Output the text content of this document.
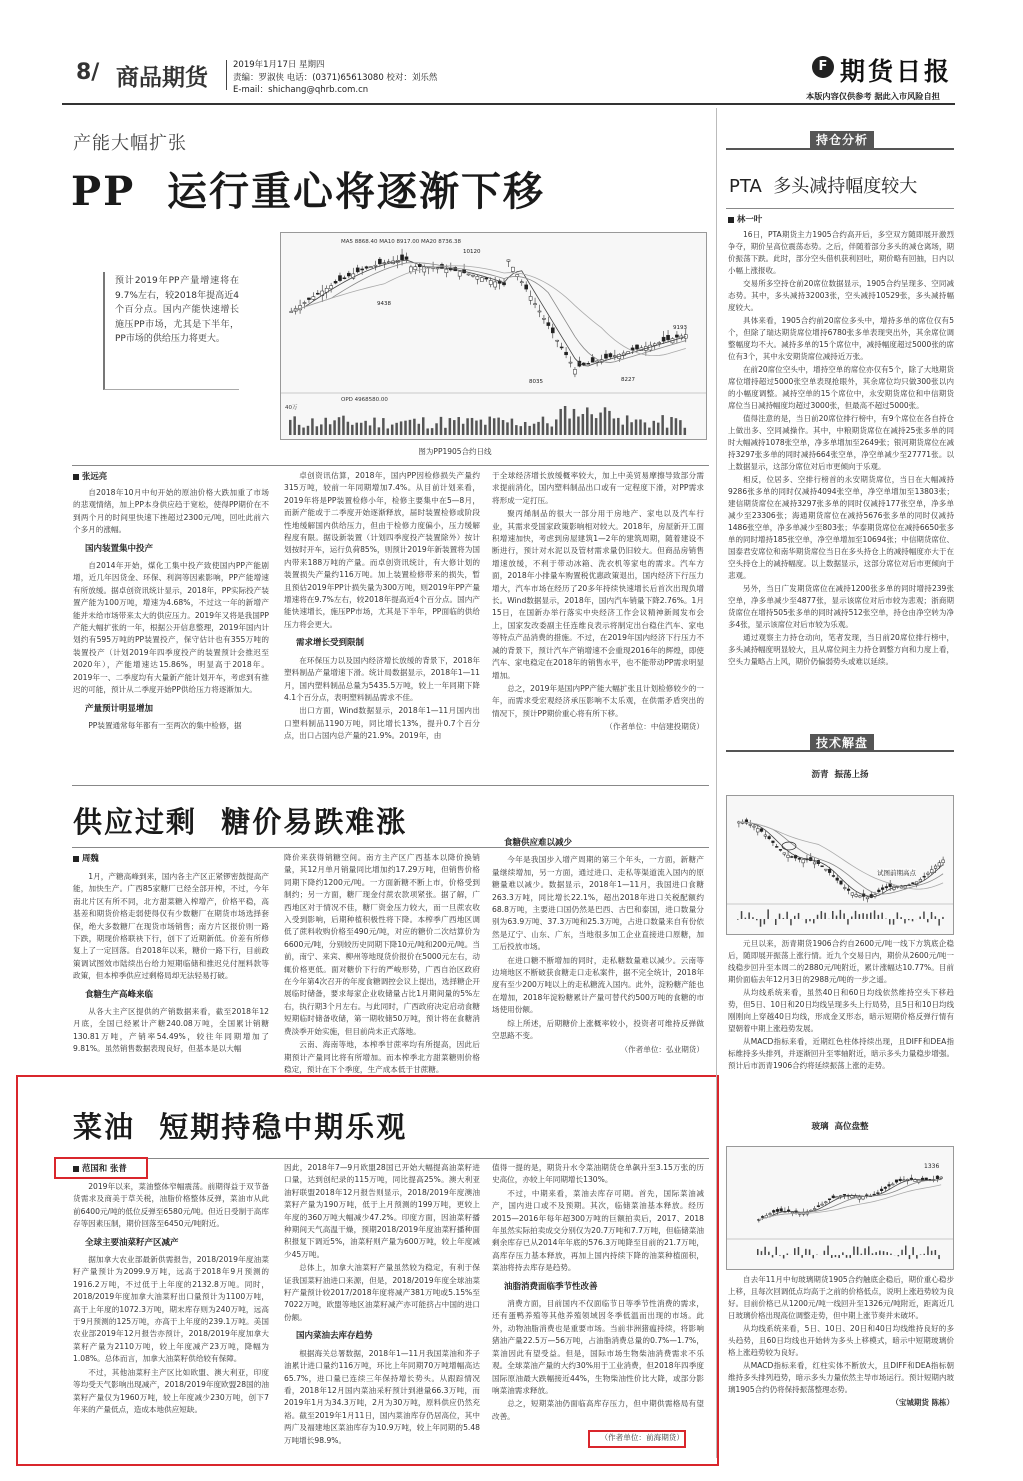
8/ 商品期货	2019年1月17日 星期四
责编：罗淑侠 电话：(0371)65613080 校对：刘乐然
E-mail：shichang@qhrb.com.cn
F 期货日报
本版内容仅供参考 据此入市风险自担
产能大幅扩张
PP  运行重心将逐渐下移
预计2019年PP产量增速将在9.7%左右，较2018年提高近4个百分点。国内产能快速增长施压PP市场，尤其是下半年，PP市场的供给压力将更大。
MA5 8868.40 MA10 8917.00 MA20 8736.38
OPD 4968580.00
40万
10120
9438
8035	8227
9193
图为PP1905合约日线
张远亮

自2018年10月中旬开始的原油价格大跌加重了市场的悲观情绪，加上PP本身供应趋于宽松，使得PP期价在不到两个月的时间里快速下挫超过2300元/吨，回吐此前六个多月的涨幅。

国内装置集中投产

自2014年开始，煤化工集中投产致使国内PP产能剧增，近几年因货金、环保、利润等因素影响，PP产能增速有所放缓。据卓创资讯统计显示，2018年，PP实际投产装置产能为100万吨，增速为4.68%，不过这一年的新增产能并未给市场带来太大的供应压力。2019年又将是我国PP产能大幅扩张的一年，根据公开信息整理，2019年国内计划约有595万吨的PP装置投产，保守估计也有355万吨的装置投产（计划2019年四季度投产的装置预计会推迟至2020年），产能增速达15.86%，明显高于2018年。2019年一、二季度均有大量新产能计划开车，考虑到有推迟的可能，预计从二季度开始PP供给压力将逐渐加大。

产量预计明显增加

PP装置通常每年都有一至两次的集中检修，据

卓创资讯估算，2018年，国内PP因检修损失产量约315万吨，较前一年同期增加7.4%。从目前计划来看，2019年将是PP装置检修小年，检修主要集中在5—8月，而新产能或于二季度开始逐渐释放，届时装置检修或阶段性地缓解国内供给压力，但由于检修力度偏小，压力缓解程度有限。据设新装置（计划四季度投产装置除外）按计划按时开车，运行负荷85%，则预计2019年新装置将为国内带来188万吨的产量。而卓创资讯统计，有大修计划的装置损失产量约116万吨。加上装置检修带来的损失，暂且预估2019年PP计损失量为300万吨，则2019年PP产量增速将在9.7%左右，较2018年提高近4个百分点。国内产能快速增长，施压PP市场，尤其是下半年，PP面临的供给压力将会更大。

需求增长受到限制

在环保压力以及国内经济增长放缓的背景下，2018年塑料制品产量增速下滑。统计局数据显示，2018年1—11月，国内塑料制品总量为5435.5万吨，较上一年同期下降4.1个百分点，表明塑料制品需求不佳。

出口方面，Wind数据显示，2018年1—11月国内出口塑料制品1190万吨，同比增长13%，提升0.7个百分点，出口占国内总产量的21.9%。2019年，由

于全球经济增长放缓概率较大，加上中美贸易摩擦导致部分需求提前消化，国内塑料制品出口或有一定程度下滑，对PP需求将形成一定打压。

聚丙烯制品的很大一部分用于房地产、家电以及汽车行业，其需求受国家政策影响相对较大。2018年，房屋新开工面积增速加快，考虑到房屋建筑1—2年的建筑周期，随着建设不断进行，预计对水泥以及管材需求量仍旧较大。但商品房销售增速放缓，不利于带动冰箱、洗衣机等家电的需求。汽车方面，2018年小排量车购置税优惠政策退出，国内经济下行压力增大，汽车市场在经历了20多年持续快速增长后首次出现负增长。Wind数据显示，2018年，国内汽车销量下降2.76%。1月15日，在国新办举行落实中央经济工作会议精神新闻发布会上，国家发改委副主任连维良表示将制定出台稳住汽车、家电等特点产品消费的措施。不过，在2019年国内经济下行压力不减的背景下，预计汽车产销增速不会重现2016年的辉煌，即使汽车、家电稳定在2018年的销售水平，也不能带动PP需求明显增加。

总之，2019年是国内PP产能大幅扩张且计划检修较少的一年，而需求受宏观经济承压影响不太乐观，在供需矛盾突出的情况下，预计PP期价重心将有所下移。

（作者单位：中信建投期货）
供应过剩  糖价易跌难涨
周魏

1月，产糖高峰到来，国内各主产区正紧锣密鼓提高产能，加快生产。广西85家糖厂已经全部开榨，不过，今年南北片区有所不同，北方甜菜糖入榨增产，价格平稳，高基差和期货价格走弱使得仅有少数糖厂在期货市场选择套保，绝大多数糖厂在现货市场销售；南方片区报价则一路下跌，期现价格联袂下行，创下了近期新低。价差有所修复上了一定回落。自2018年以来，糖价一路下行，目前政策调试图效市陆续出台给力短期临储和推迟兑付厘料款等政策，但本榨季供应过剩格局却无法轻易打破。

食糖生产高峰来临

从各大主产区提供的产销数据来看，截至2018年12月底，全国已经累计产糖240.08万吨，全国累计销糖130.81万吨，产销率54.49%，较往年同期增加了9.81%。虽然销售数据表现良好，但基本是以大幅

降价来获得销糖空间。南方主产区广西基本以降价换销量，其12月单月销量同比增加约17.29万吨，但销售价格同期下降约1200元/吨。一方面新糖不断上市，价格受到制约；另一方面，糖厂现金付蔗农款项紧张。据了解，广西地区对于情况不佳，糖厂资金压力较大，而一旦蔗农收入受到影响，后期种植积极性将下降。本榨季广西地区调低了蔗料收购价格至490元/吨，对应的糖价二次结算价为6600元/吨，分别较历史同期下降10元/吨和200元/吨。当前，南宁、来宾、柳州等地现货价报价在5000元左右，动辄价格更低。面对糖价下行的严峻形势，广西自治区政府在今年第4次召开的年度食糖调控会议上提出，选择糖企开展临时储备，要求每家企业收储量占比1月期间量的5%左右，执行期3个月左右。与此同时，广西政府决定启动食糖短期临时储备收储，第一期收储50万吨，预计将在食糖消费淡季开始实施，但目前尚未正式落地。

云南、海南等地，本榨季甘蔗率均有所提高，因此后期预计产量同比将有所增加。而本榨季北方甜菜糖则价格稳定，预计在下个季度，生产成本低于甘蔗糖。

食糖供应难以减少

今年是我国步入增产周期的第三个年头，一方面，新糖产量继续增加，另一方面，通过进口、走私等渠道流入国内的原糖量难以减少。数据显示，2018年1—11月，我国进口食糖263.3万吨，同比增长22.1%，超出2018年进口关税配额约68.8万吨，主要进口国仍然是巴西、古巴和泰国，进口数量分别为63.9万吨、37.3万吨和25.3万吨，占进口数量来自有份依然是辽宁、山东、广东，当地很多加工企业直接进口原糖，加工后投放市场。

在进口糖不断增加的同时，走私糖数量难以减少。云南等边境地区不断破获食糖走口走私案件，据不完全统计，2018年度有至少200万吨以上的走私糖流入国内。此外，淀粉糖产能也在增加，2018年淀粉糖累计产量可替代约500万吨的食糖的市场使用份额。

综上所述，后期糖价上涨概率较小，投资者可维持反弹做空思路不变。

（作者单位：弘业期货）
菜油  短期持稳中期乐观
范国和 张普

2019年以来，菜油整体窄幅震荡。前期得益于双节备货需求及商美于草关税，油脂价格整体反弹，菜油市从此前6400元/吨的低位反弹至6580元/吨。但近日受制于高库存等因素压制，期价回落至6450元/吨附近。

全球主要油菜籽产区减产

据加拿大农业部最新供需报告，2018/2019年度油菜籽产量预计为2099.9万吨，远高于2018年9月预测的1916.2万吨，不过低于上年度的2132.8万吨。同时，2018/2019年度加拿大油菜籽出口量预计为1100万吨，高于上年度的1072.3万吨，期末库存则为240万吨，远高于9月预测的125万吨，亦高于上年度的239.1万吨。美国农业部2019年12月报告亦预计，2018/2019年度加拿大菜籽产量为2110万吨，较上年度减产23万吨，降幅为1.08%。总体而言，加拿大油菜籽供给较有保障。

不过，其他油菜籽主产区比如欧盟、澳大利亚，印度等均受天气影响出现减产，2018/2019年度欧盟28国的油菜籽产量仅为1960万吨，较上年度减少230万吨，创下7年来的产量低点，造成本地供应短缺。

因此，2018年7—9月欧盟28国已开始大幅提高油菜籽进口量，达到创纪录的115万吨，同比提高25%。澳大利亚油籽联盟2018年12月报告则显示，2018/2019年度澳油菜籽产量为190万吨，低于上月预测的199万吨，更较上年度的360万吨大幅减少47.2%。印度方面，因油菜籽播种期间天气高温干燥，预期2018/2019年度油菜籽播种面积报复下调近5%，油菜籽则产量为600万吨，较上年度减少45万吨。

总体上，加拿大油菜籽产量虽然较为稳定，有利于保证我国菜籽油进口来源，但是，2018/2019年度全球油菜籽产量预计较2017/2018年度将减产381万吨或5.15%至7022万吨，欧盟等地区油菜籽减产亦可能挤占中国的进口份额。

国内菜油去库存趋势

根据海关总署数据，2018年1—11月我国菜油和芥子油累计进口量约116万吨，环比上年同期70万吨增幅高达65.7%，进口量已连续三年保持增长势头。从跟踪情况看，2018年12月国内菜油采籽预计到港量66.3万吨，而2019年1月为34.3万吨，2月为30万吨，原料供应仍然充裕。截至2019年1月11日，国内菜油库存仍居高位，其中两广及福建地区菜油库存为10.9万吨，较上年同期的5.48万吨增长98.9%。

值得一提的是，期货升水令菜油期货仓单飙升至3.15万张的历史高位，亦较上年同期增长130%。

不过，中期来看，菜油去库存可期。首先，国际菜油减产，国内进口或不及预期。其次，临储菜油基本释放。经历2015—2016年每年超300万吨的巨额拍卖后，2017、2018年虽然实际拍卖成交分别仅为20.7万吨和7.7万吨，但临储菜油剩余库存已从2014年年底的576.3万吨降至目前的21.7万吨，高库存压力基本释放，再加上国内持续下降的油菜种植面积，菜油将持去库存是趋势。

油脂消费面临季节性改善

消费方面，目前国内不仅面临节日等季节性消费的需求，还有蛋鸭养殖等其他养殖领域因冬季低温而出现的市场。此外，动物油脂消费也是重要市场。当前非洲猪瘟持续，将影响猪油产量22.5万—56万吨，占油脂消费总量的0.7%—1.7%，菜油因此有望受益。但是，国际市场生物柴油消费需求不乐观。全球菜油产量的大约30%用于工业消费，但2018年四季度国际原油最大跌幅接近44%，生物柴油性价比大降，或部分影响菜油需求释放。

总之，短期菜油仍面临高库存压力，但中期供需格局有望改善。

（作者单位：前海期货）
持仓分析
PTA  多头减持幅度较大
林一叶

16日，PTA期货主力1905合约高开后，多空双方随即展开激烈争夺，期价呈高位震荡态势。之后，伴随着部分多头的减仓离场，期价振荡下跌。此时，部分空头借机获利回吐，期价略有回抽，日内以小幅上涨报收。

交易所多空持仓前20席位数据显示，1905合约呈现多、空同减态势。其中，多头减持32003张，空头减持10529张，多头减持幅度较大。

具体来看，1905合约前20席位多头中，增持多单的席位仅有5个，但除了瑞达期货席位增持6780张多单表现突出外，其余席位调整幅度均不大。减持多单的15个席位中，减持幅度超过5000张的席位有3个，其中永安期货席位减持近万张。

在前20席位空头中，增持空单的席位亦仅有5个，除了大地期货席位增持超过5000张空单表现抢眼外，其余席位均只做300张以内的小幅度调整。减持空单的15个席位中，永安期货席位和中信期货席位当日减持幅度均超过3000张，但最高不超过5000张。

值得注意的是，当日前20席位排行榜中，有9个席位在各自持仓上做出多、空同减操作。其中，中粮期货席位在减持25张多单的同时大幅减持1078张空单，净多单增加至2649张；银河期货席位在减持3297张多单的同时减持664张空单，净空单减少至27771张。以上数据显示，这部分席位对后市更倾向于乐观。

相反，位居多、空排行榜首的永安期货席位，当日在大幅减持9286张多单的同时仅减持4094张空单，净空单增加至13803张；建信期货席位在减持3297张多单的同时仅减持177张空单，净多单减少至23306张；海通期货席位在减持5676张多单的同时仅减持1486张空单，净多单减少至803张；华泰期货席位在减持6650张多单的同时增持185张空单，净空单增加至10694张；中信期货席位、国泰君安席位和南华期货席位当日在多头持仓上的减持幅度亦大于在空头持仓上的减持幅度。以上数据显示，这部分席位对后市更倾向于悲观。

另外，当日广发期货席位在减持1200张多单的同时增持239张空单，净多单减少至4877张，显示该席位对后市较为悲观；浙商期货席位在增持505张多单的同时减持512张空单，持仓由净空转为净多4张，显示该席位对后市较为乐观。

通过观察主力持仓动向，笔者发现，当日前20席位排行榜中，多头减持幅度明显较大，且从席位间主力持仓调整方向和力度上看，空头力量略占上风，期价仍偏弱势头或难以延续。

技术解盘
沥青  振荡上扬
试图前期高点

元旦以来，沥青期货1906合约自2600元/吨一线下方筑底企稳后，随即展开振荡上涨行情。近九个交易日内，期价从2600元/吨一线稳步回升至本周二的2880元/吨附近，累计涨幅达10.77%。目前期价面临去年12月3日的2988元/吨的一步之遥。

从均线系统来看，虽然40日和60日均线依然维持空头下移趋势，但5日、10日和20日均线呈现多头上行局势，且5日和10日均线刚刚向上穿越40日均线，形成金叉形态，暗示短期价格反弹行情有望朝着中期上涨趋势发展。

从MACD指标来看，近期红色柱体持续出现，且DIFF和DEA指标维持多头排列，并逐渐回升至零轴附近，暗示多头力量稳步增强。预计后市沥青1906合约将延续振荡上涨的走势。

玻璃  高位盘整
1336

自去年11月中旬玻璃期货1905合约触底企稳后，期价重心稳步上移，且每次回调低点均高于之前的价格低点，说明上涨趋势较为良好。目前价格已从1200元/吨一线回升至1326元/吨附近，距离近几日玻璃价格出现高位调整走势，但中期上涨节奏并未破坏。

从均线系统来看，5日、10日、20日和40日均线维持良好的多头趋势，且60日均线也开始转为多头上移模式，暗示中短期玻璃价格上涨趋势较为良好。

从MACD指标来看，红柱实体不断放大，且DIFF和DEA指标朝维持多头排列趋势，暗示多头力量依然主导市场运行。预计短期内玻璃1905合约仍将保持振荡整理态势。

（宝城期货 陈栋）
